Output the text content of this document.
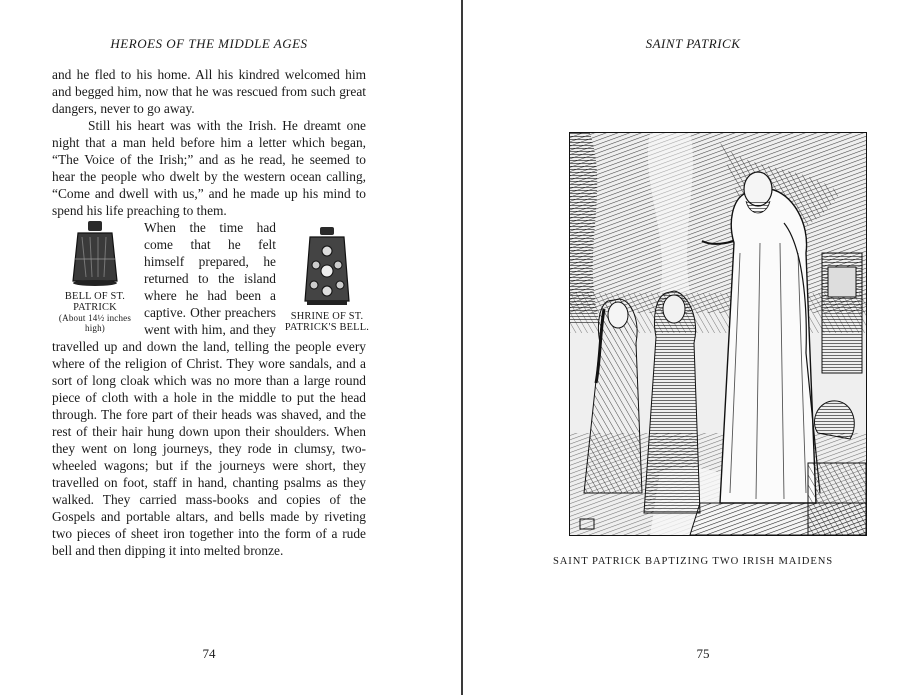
HEROES OF THE MIDDLE AGES

and he fled to his home. All his kindred welcomed him and begged him, now that he was rescued from such great dangers, never to go away.

Still his heart was with the Irish. He dreamt one night that a man held before him a letter which began, “The Voice of the Irish;” and as he read, he seemed to hear the people who dwelt by the western ocean calling, “Come and dwell with us,” and he made up his mind to spend his life preaching to them.

BELL OF ST. PATRICK
(About 14½ inches high)

SHRINE OF ST. PATRICK'S BELL.
When the time had come that he felt himself prepared, he returned to the island where he had been a captive. Other preachers went with him, and they travelled up and down the land, telling the people every where of the religion of Christ. They wore sandals, and a sort of long cloak which was no more than a large round piece of cloth with a hole in the middle to put the head through. The fore part of their heads was shaved, and the rest of their hair hung down upon their shoulders. When they went on long journeys, they rode in clumsy, two-wheeled wagons; but if the journeys were short, they travelled on foot, staff in hand, chanting psalms as they walked. They carried mass-books and copies of the Gospels and portable altars, and bells made by riveting two pieces of sheet iron together into the form of a rude bell and then dipping it into melted bronze.

74
SAINT PATRICK
SAINT PATRICK BAPTIZING TWO IRISH MAIDENS
75
